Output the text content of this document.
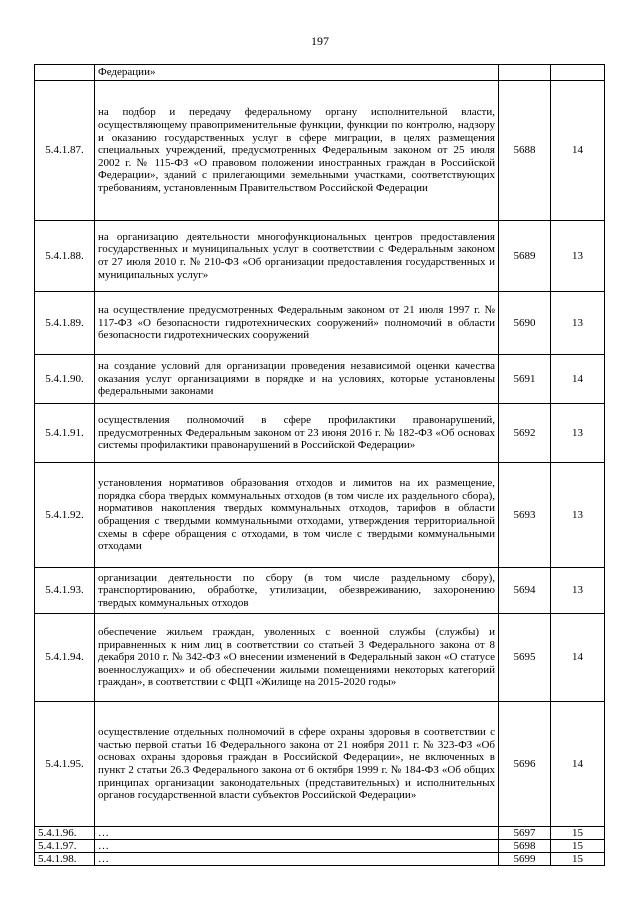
197
	Федерации»		
5.4.1.87.	на подбор и передачу федеральному органу исполнительной власти, осуществляющему правоприменительные функции, функции по контролю, надзору и оказанию государственных услуг в сфере миграции, в целях размещения специальных учреждений, предусмотренных Федеральным законом от 25 июля 2002 г. № 115-ФЗ «О правовом положении иностранных граждан в Российской Федерации», зданий с прилегающими земельными участками, соответствующих требованиям, установленным Правительством Российской Федерации	5688	14
5.4.1.88.	на организацию деятельности многофункциональных центров предоставления государственных и муниципальных услуг в соответствии с Федеральным законом от 27 июля 2010 г. № 210-ФЗ «Об организации предоставления государственных и муниципальных услуг»	5689	13
5.4.1.89.	на осуществление предусмотренных Федеральным законом от 21 июля 1997 г. № 117-ФЗ «О безопасности гидротехнических сооружений» полномочий в области безопасности гидротехнических сооружений	5690	13
5.4.1.90.	на создание условий для организации проведения независимой оценки качества оказания услуг организациями в порядке и на условиях, которые установлены федеральными законами	5691	14
5.4.1.91.	осуществления полномочий в сфере профилактики правонарушений, предусмотренных Федеральным законом от 23 июня 2016 г. № 182-ФЗ «Об основах системы профилактики правонарушений в Российской Федерации»	5692	13
5.4.1.92.	установления нормативов образования отходов и лимитов на их размещение, порядка сбора твердых коммунальных отходов (в том числе их раздельного сбора), нормативов накопления твердых коммунальных отходов, тарифов в области обращения с твердыми коммунальными отходами, утверждения территориальной схемы в сфере обращения с отходами, в том числе с твердыми коммунальными отходами	5693	13
5.4.1.93.	организации деятельности по сбору (в том числе раздельному сбору), транспортированию, обработке, утилизации, обезвреживанию, захоронению твердых коммунальных отходов	5694	13
5.4.1.94.	обеспечение жильем граждан, уволенных с военной службы (службы) и приравненных к ним лиц в соответствии со статьей 3 Федерального закона от 8 декабря 2010 г. № 342-ФЗ «О внесении изменений в Федеральный закон «О статусе военнослужащих» и об обеспечении жилыми помещениями некоторых категорий граждан», в соответствии с ФЦП «Жилище на 2015-2020 годы»	5695	14
5.4.1.95.	осуществление отдельных полномочий в сфере охраны здоровья в соответствии с частью первой статьи 16 Федерального закона от 21 ноября 2011 г. № 323-ФЗ «Об основах охраны здоровья граждан в Российской Федерации», не включенных в пункт 2 статьи 26.3 Федерального закона от 6 октября 1999 г. № 184-ФЗ «Об общих принципах организации законодательных (представительных) и исполнительных органов государственной власти субъектов Российской Федерации»	5696	14
5.4.1.96.	…	5697	15
5.4.1.97.	…	5698	15
5.4.1.98.	…	5699	15
